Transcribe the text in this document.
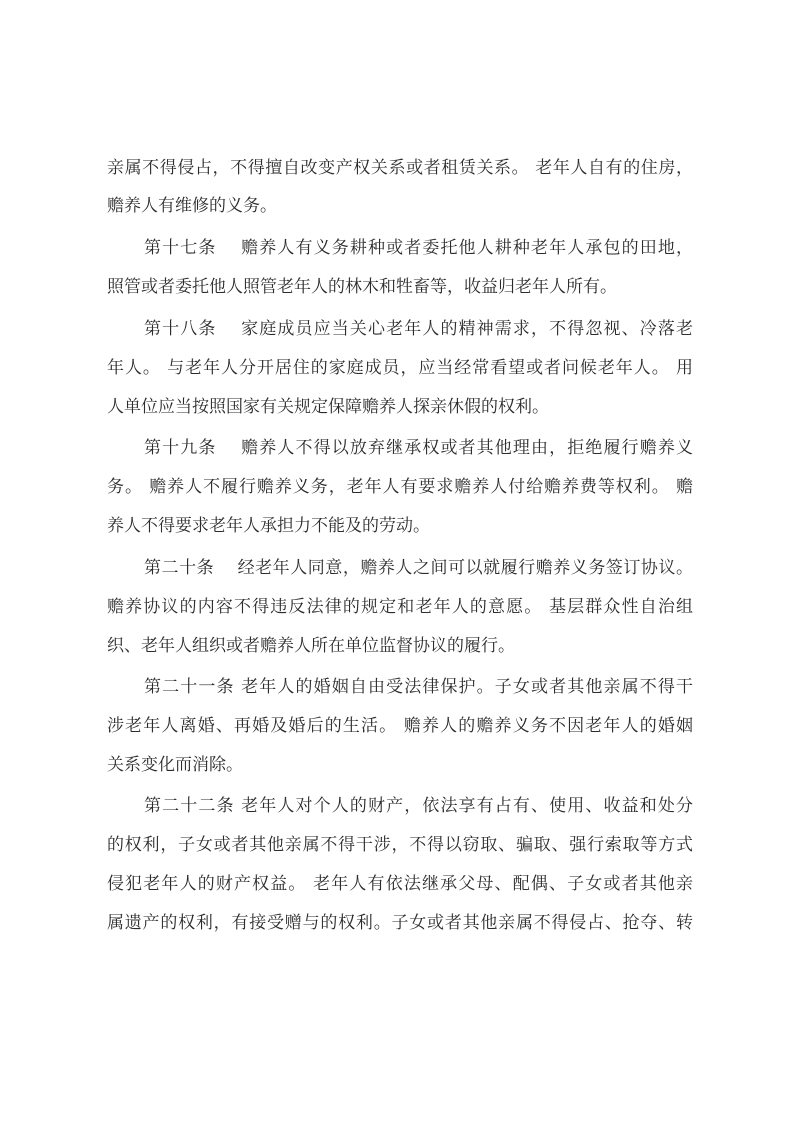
亲属不得侵占，不得擅自改变产权关系或者租赁关系。 老年人自有的住房，
赡养人有维修的义务。
第十七条　 赡养人有义务耕种或者委托他人耕种老年人承包的田地，
照管或者委托他人照管老年人的林木和牲畜等，收益归老年人所有。
第十八条　 家庭成员应当关心老年人的精神需求，不得忽视、冷落老
年人。 与老年人分开居住的家庭成员，应当经常看望或者问候老年人。 用
人单位应当按照国家有关规定保障赡养人探亲休假的权利。
第十九条　 赡养人不得以放弃继承权或者其他理由，拒绝履行赡养义
务。 赡养人不履行赡养义务，老年人有要求赡养人付给赡养费等权利。 赡
养人不得要求老年人承担力不能及的劳动。
第二十条　 经老年人同意，赡养人之间可以就履行赡养义务签订协议。
赡养协议的内容不得违反法律的规定和老年人的意愿。 基层群众性自治组
织、老年人组织或者赡养人所在单位监督协议的履行。
第二十一条 老年人的婚姻自由受法律保护。子女或者其他亲属不得干
涉老年人离婚、再婚及婚后的生活。 赡养人的赡养义务不因老年人的婚姻
关系变化而消除。
第二十二条 老年人对个人的财产，依法享有占有、使用、收益和处分
的权利，子女或者其他亲属不得干涉，不得以窃取、骗取、强行索取等方式
侵犯老年人的财产权益。 老年人有依法继承父母、配偶、子女或者其他亲
属遗产的权利，有接受赠与的权利。子女或者其他亲属不得侵占、抢夺、转
